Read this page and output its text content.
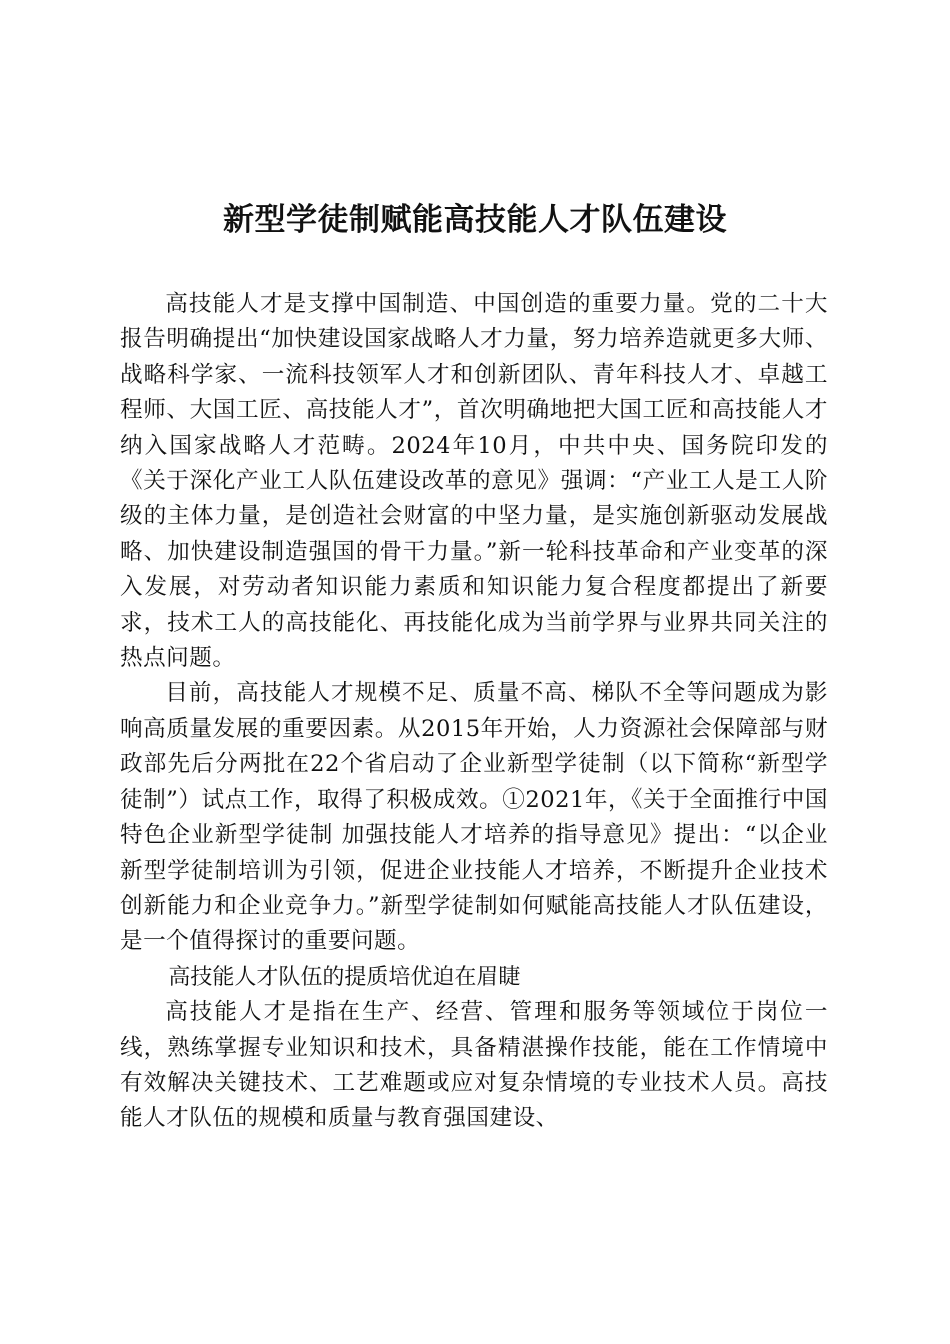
新型学徒制赋能高技能人才队伍建设

高技能人才是支撑中国制造、中国创造的重要力量。党的二十大报告明确提出“加快建设国家战略人才力量，努力培养造就更多大师、战略科学家、一流科技领军人才和创新团队、青年科技人才、卓越工程师、大国工匠、高技能人才”，首次明确地把大国工匠和高技能人才纳入国家战略人才范畴。2024年10月，中共中央、国务院印发的《关于深化产业工人队伍建设改革的意见》强调：“产业工人是工人阶级的主体力量，是创造社会财富的中坚力量，是实施创新驱动发展战略、加快建设制造强国的骨干力量。”新一轮科技革命和产业变革的深入发展，对劳动者知识能力素质和知识能力复合程度都提出了新要求，技术工人的高技能化、再技能化成为当前学界与业界共同关注的热点问题。

目前，高技能人才规模不足、质量不高、梯队不全等问题成为影响高质量发展的重要因素。从2015年开始，人力资源社会保障部与财政部先后分两批在22个省启动了企业新型学徒制（以下简称“新型学徒制”）试点工作，取得了积极成效。①2021年，《关于全面推行中国特色企业新型学徒制 加强技能人才培养的指导意见》提出：“以企业新型学徒制培训为引领，促进企业技能人才培养，不断提升企业技术创新能力和企业竞争力。”新型学徒制如何赋能高技能人才队伍建设，是一个值得探讨的重要问题。

高技能人才队伍的提质培优迫在眉睫

高技能人才是指在生产、经营、管理和服务等领域位于岗位一线，熟练掌握专业知识和技术，具备精湛操作技能，能在工作情境中有效解决关键技术、工艺难题或应对复杂情境的专业技术人员。高技能人才队伍的规模和质量与教育强国建设、
